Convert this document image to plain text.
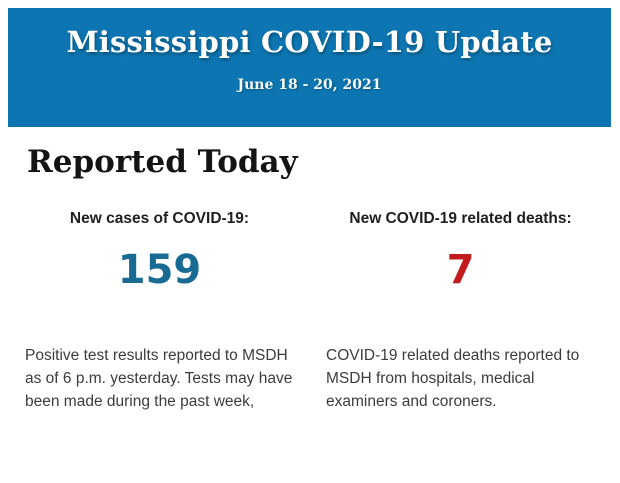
Mississippi COVID-19 Update
June 18 - 20, 2021
Reported Today
New cases of COVID-19:
159

Positive test results reported to MSDH as of 6 p.m. yesterday. Tests may have been made during the past week,

New COVID-19 related deaths:
7

COVID-19 related deaths reported to MSDH from hospitals, medical examiners and coroners.
